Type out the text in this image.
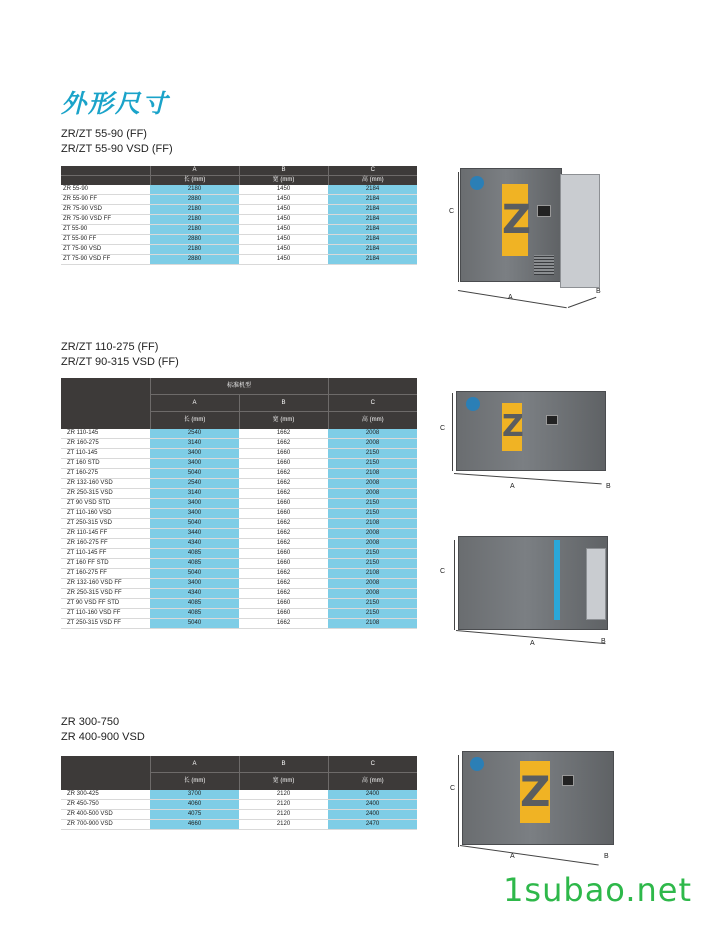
外形尺寸
ZR/ZT 55-90 (FF)
ZR/ZT 55-90 VSD (FF)
	A	B	C
	长 (mm)	宽 (mm)	高 (mm)
ZR 55-90	2180	1450	2184
ZR 55-90 FF	2880	1450	2184
ZR 75-90 VSD	2180	1450	2184
ZR 75-90 VSD FF	2180	1450	2184
ZT 55-90	2180	1450	2184
ZT 55-90 FF	2880	1450	2184
ZT 75-90 VSD	2180	1450	2184
ZT 75-90 VSD FF	2880	1450	2184
ZR/ZT 110-275 (FF)
ZR/ZT 90-315 VSD (FF)
	标准机型		
	A	B	C
	长 (mm)	宽 (mm)	高 (mm)
ZR 110-145	2540	1662	2008
ZR 160-275	3140	1662	2008
ZT 110-145	3400	1660	2150
ZT 160 STD	3400	1660	2150
ZT 160-275	5040	1662	2108
ZR 132-160 VSD	2540	1662	2008
ZR 250-315 VSD	3140	1662	2008
ZT 90 VSD STD	3400	1660	2150
ZT 110-160 VSD	3400	1660	2150
ZT 250-315 VSD	5040	1662	2108
ZR 110-145 FF	3440	1662	2008
ZR 160-275 FF	4340	1662	2008
ZT 110-145 FF	4085	1660	2150
ZT 160 FF STD	4085	1660	2150
ZT 160-275 FF	5040	1662	2108
ZR 132-160 VSD FF	3400	1662	2008
ZR 250-315 VSD FF	4340	1662	2008
ZT 90 VSD FF STD	4085	1660	2150
ZT 110-160 VSD FF	4085	1660	2150
ZT 250-315 VSD FF	5040	1662	2108
ZR 300-750
ZR 400-900 VSD
	A	B	C
	长 (mm)	宽 (mm)	高 (mm)
ZR 300-425	3700	2120	2400
ZR 450-750	4060	2120	2400
ZR 400-500 VSD	4075	2120	2400
ZR 700-900 VSD	4660	2120	2470
Z
C
A
B
Z
C
A	B
C
A	B
Z
C
A	B
1subao.net
